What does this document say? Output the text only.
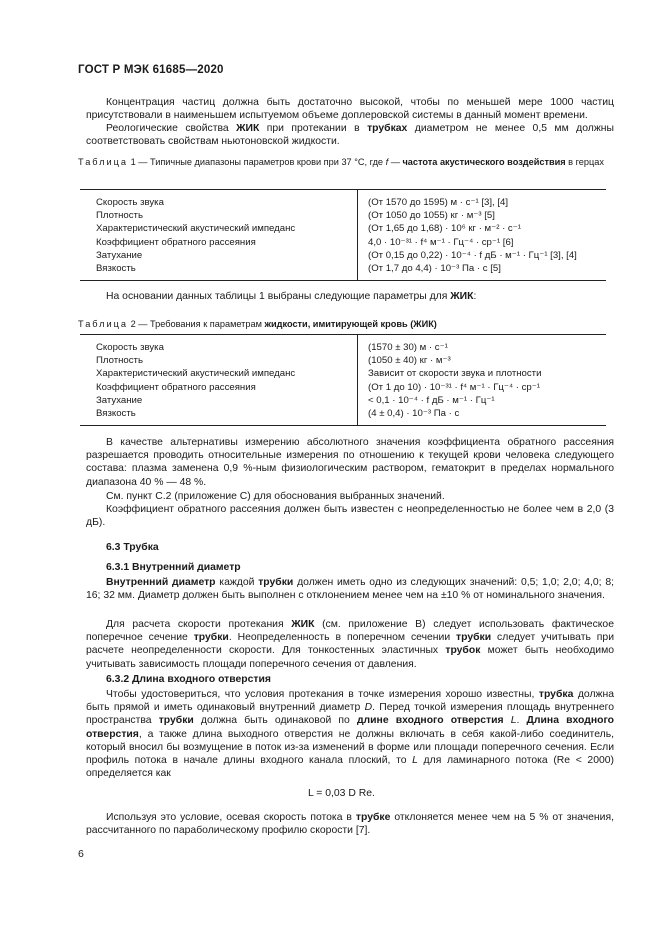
ГОСТ Р МЭК 61685—2020
Концентрация частиц должна быть достаточно высокой, чтобы по меньшей мере 1000 частиц присутствовали в наименьшем испытуемом объеме доплеровской системы в данный момент времени.
Реологические свойства ЖИК при протекании в трубках диаметром не менее 0,5 мм должны соответствовать свойствам ньютоновской жидкости.
Таблица 1 — Типичные диапазоны параметров крови при 37 °С, где f — частота акустического воздействия в герцах
Скорость звука	(От 1570 до 1595) м · с⁻¹ [3], [4]
Плотность	(От 1050 до 1055) кг · м⁻³ [5]
Характеристический акустический импеданс	(От 1,65 до 1,68) · 10⁶ кг · м⁻² · с⁻¹
Коэффициент обратного рассеяния	4,0 · 10⁻³¹ · f⁴ м⁻¹ · Гц⁻⁴ · ср⁻¹ [6]
Затухание	(От 0,15 до 0,22) · 10⁻⁴ · f дБ · м⁻¹ · Гц⁻¹ [3], [4]
Вязкость	(От 1,7 до 4,4) · 10⁻³ Па · с [5]
На основании данных таблицы 1 выбраны следующие параметры для ЖИК:
Таблица 2 — Требования к параметрам жидкости, имитирующей кровь (ЖИК)
Скорость звука	(1570 ± 30) м · с⁻¹
Плотность	(1050 ± 40) кг · м⁻³
Характеристический акустический импеданс	Зависит от скорости звука и плотности
Коэффициент обратного рассеяния	(От 1 до 10) · 10⁻³¹ · f⁴ м⁻¹ · Гц⁻⁴ · ср⁻¹
Затухание	< 0,1 · 10⁻⁴ · f дБ · м⁻¹ · Гц⁻¹
Вязкость	(4 ± 0,4) · 10⁻³ Па · с
В качестве альтернативы измерению абсолютного значения коэффициента обратного рассеяния разрешается проводить относительные измерения по отношению к текущей крови человека следующего состава: плазма заменена 0,9 %-ным физиологическим раствором, гематокрит в пределах нормального диапазона 40 % — 48 %.
См. пункт С.2 (приложение С) для обоснования выбранных значений.
Коэффициент обратного рассеяния должен быть известен с неопределенностью не более чем в 2,0 (3 дБ).
6.3 Трубка
6.3.1 Внутренний диаметр
Внутренний диаметр каждой трубки должен иметь одно из следующих значений: 0,5; 1,0; 2,0; 4,0; 8; 16; 32 мм. Диаметр должен быть выполнен с отклонением менее чем на ±10 % от номинального значения.
Для расчета скорости протекания ЖИК (см. приложение В) следует использовать фактическое поперечное сечение трубки. Неопределенность в поперечном сечении трубки следует учитывать при расчете неопределенности скорости. Для тонкостенных эластичных трубок может быть необходимо учитывать зависимость площади поперечного сечения от давления.
6.3.2 Длина входного отверстия
Чтобы удостовериться, что условия протекания в точке измерения хорошо известны, трубка должна быть прямой и иметь одинаковый внутренний диаметр D. Перед точкой измерения площадь внутреннего пространства трубки должна быть одинаковой по длине входного отверстия L. Длина входного отверстия, а также длина выходного отверстия не должны включать в себя какой-либо соединитель, который вносил бы возмущение в поток из-за изменений в форме или площади поперечного сечения. Если профиль потока в начале длины входного канала плоский, то L для ламинарного потока (Re < 2000) определяется как
L = 0,03 D Re.
Используя это условие, осевая скорость потока в трубке отклоняется менее чем на 5 % от значения, рассчитанного по параболическому профилю скорости [7].
6
